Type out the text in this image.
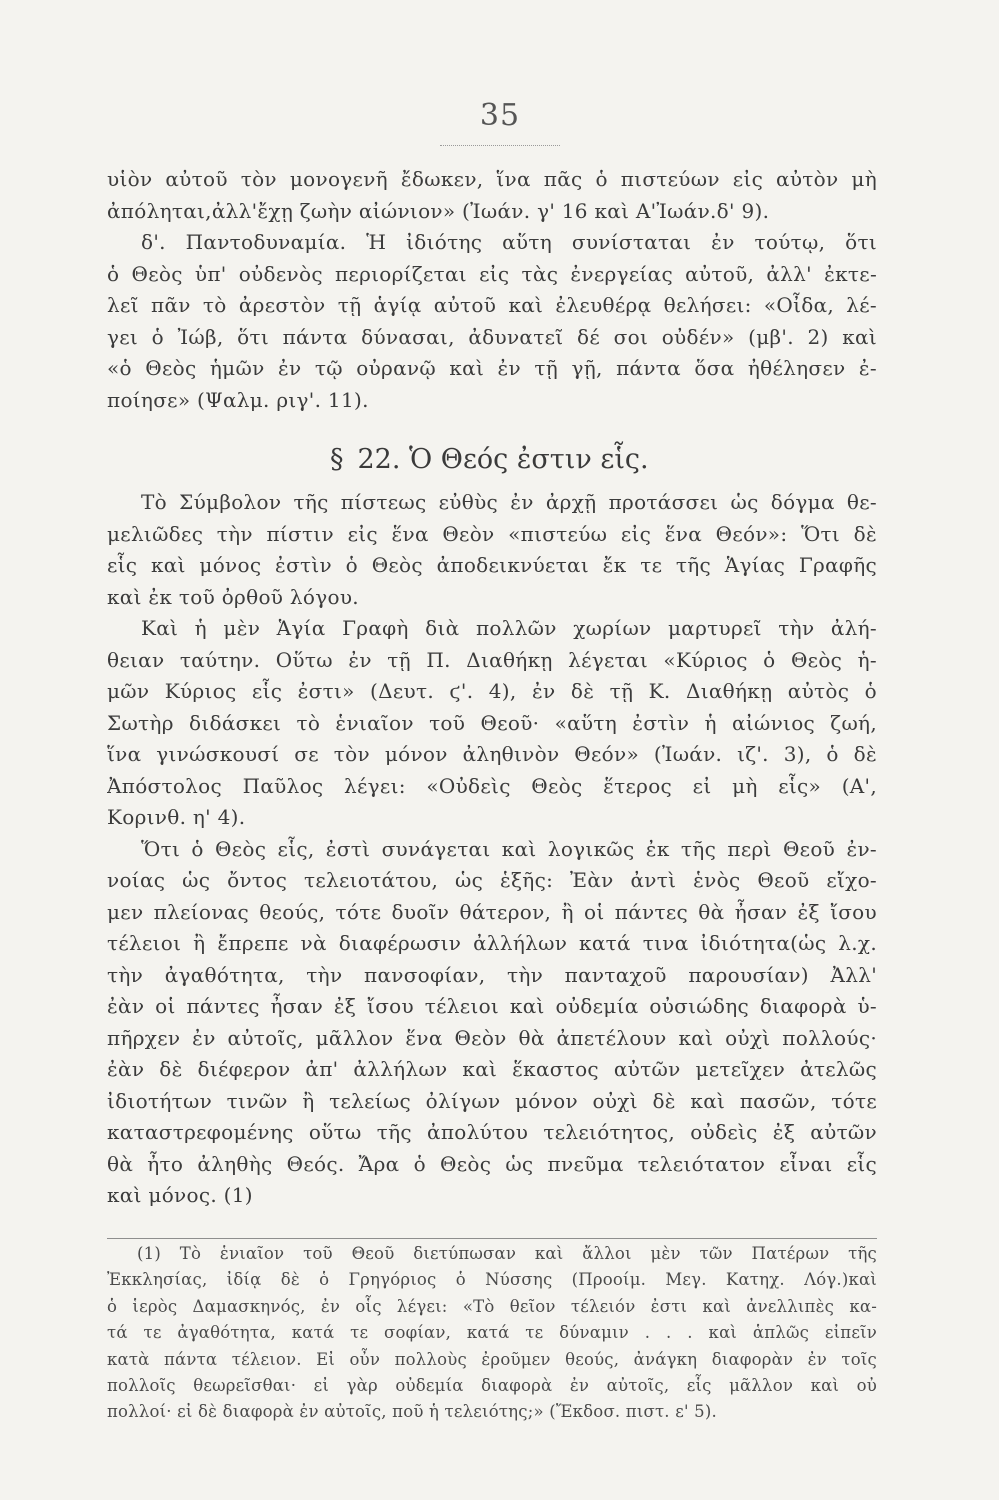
35
υἱὸν αὐτοῦ τὸν μονογενῆ ἔδωκεν, ἵνα πᾶς ὁ πιστεύων εἰς αὐτὸν μὴ
ἀπόληται,ἀλλ'ἔχῃ ζωὴν αἰώνιον» (Ἰωάν. γ' 16 καὶ Α'Ἰωάν.δ' 9).
δ'. Παντοδυναμία. Ἡ ἰδιότης αὕτη συνίσταται ἐν τούτῳ, ὅτι
ὁ Θεὸς ὑπ' οὐδενὸς περιορίζεται εἰς τὰς ἐνεργείας αὐτοῦ, ἀλλ' ἐκτε-
λεῖ πᾶν τὸ ἀρεστὸν τῇ ἁγίᾳ αὐτοῦ καὶ ἐλευθέρᾳ θελήσει: «Οἶδα, λέ-
γει ὁ Ἰώβ, ὅτι πάντα δύνασαι, ἀδυνατεῖ δέ σοι οὐδέν» (μβ'. 2) καὶ
«ὁ Θεὸς ἡμῶν ἐν τῷ οὐρανῷ καὶ ἐν τῇ γῇ, πάντα ὅσα ἠθέλησεν ἐ-
ποίησε» (Ψαλμ. ριγ'. 11).
§ 22. Ὁ Θεός ἐστιν εἷς.
Τὸ Σύμβολον τῆς πίστεως εὐθὺς ἐν ἀρχῇ προτάσσει ὡς δόγμα θε-
μελιῶδες τὴν πίστιν εἰς ἕνα Θεὸν «πιστεύω εἰς ἕνα Θεόν»: Ὅτι δὲ
εἷς καὶ μόνος ἐστὶν ὁ Θεὸς ἀποδεικνύεται ἔκ τε τῆς Ἁγίας Γραφῆς
καὶ ἐκ τοῦ ὀρθοῦ λόγου.
Καὶ ἡ μὲν Ἁγία Γραφὴ διὰ πολλῶν χωρίων μαρτυρεῖ τὴν ἀλή-
θειαν ταύτην. Οὕτω ἐν τῇ Π. Διαθήκῃ λέγεται «Κύριος ὁ Θεὸς ἡ-
μῶν Κύριος εἷς ἐστι» (Δευτ. ϛ'. 4), ἐν δὲ τῇ Κ. Διαθήκῃ αὐτὸς ὁ
Σωτὴρ διδάσκει τὸ ἑνιαῖον τοῦ Θεοῦ· «αὕτη ἐστὶν ἡ αἰώνιος ζωή,
ἵνα γινώσκουσί σε τὸν μόνον ἀληθινὸν Θεόν» (Ἰωάν. ιζ'. 3), ὁ δὲ
Ἀπόστολος Παῦλος λέγει: «Οὐδεὶς Θεὸς ἕτερος εἰ μὴ εἷς» (Α',
Κορινθ. η' 4).
Ὅτι ὁ Θεὸς εἷς, ἐστὶ συνάγεται καὶ λογικῶς ἐκ τῆς περὶ Θεοῦ ἐν-
νοίας ὡς ὄντος τελειοτάτου, ὡς ἑξῆς: Ἐὰν ἀντὶ ἑνὸς Θεοῦ εἴχο-
μεν πλείονας θεούς, τότε δυοῖν θάτερον, ἢ οἱ πάντες θὰ ἦσαν ἐξ ἴσου
τέλειοι ἢ ἔπρεπε νὰ διαφέρωσιν ἀλλήλων κατά τινα ἰδιότητα(ὡς λ.χ.
τὴν ἀγαθότητα, τὴν πανσοφίαν, τὴν πανταχοῦ παρουσίαν) Ἀλλ'
ἐὰν οἱ πάντες ἦσαν ἐξ ἴσου τέλειοι καὶ οὐδεμία οὐσιώδης διαφορὰ ὑ-
πῆρχεν ἐν αὐτοῖς, μᾶλλον ἕνα Θεὸν θὰ ἀπετέλουν καὶ οὐχὶ πολλούς·
ἐὰν δὲ διέφερον ἀπ' ἀλλήλων καὶ ἕκαστος αὐτῶν μετεῖχεν ἀτελῶς
ἰδιοτήτων τινῶν ἢ τελείως ὀλίγων μόνον οὐχὶ δὲ καὶ πασῶν, τότε
καταστρεφομένης οὕτω τῆς ἀπολύτου τελειότητος, οὐδεὶς ἐξ αὐτῶν
θὰ ἦτο ἀληθὴς Θεός. Ἄρα ὁ Θεὸς ὡς πνεῦμα τελειότατον εἶναι εἷς
καὶ μόνος. (1)
(1) Τὸ ἑνιαῖον τοῦ Θεοῦ διετύπωσαν καὶ ἄλλοι μὲν τῶν Πατέρων τῆς
Ἐκκλησίας, ἰδίᾳ δὲ ὁ Γρηγόριος ὁ Νύσσης (Προοίμ. Μεγ. Κατηχ. Λόγ.)καὶ
ὁ ἱερὸς Δαμασκηνός, ἐν οἷς λέγει: «Τὸ θεῖον τέλειόν ἐστι καὶ ἀνελλιπὲς κα-
τά τε ἀγαθότητα, κατά τε σοφίαν, κατά τε δύναμιν . . . καὶ ἁπλῶς εἰπεῖν
κατὰ πάντα τέλειον. Εἰ οὖν πολλοὺς ἐροῦμεν θεούς, ἀνάγκη διαφορὰν ἐν τοῖς
πολλοῖς θεωρεῖσθαι· εἰ γὰρ οὐδεμία διαφορὰ ἐν αὐτοῖς, εἷς μᾶλλον καὶ οὐ
πολλοί· εἰ δὲ διαφορὰ ἐν αὐτοῖς, ποῦ ἡ τελειότης;» (Ἔκδοσ. πιστ. ε' 5).
